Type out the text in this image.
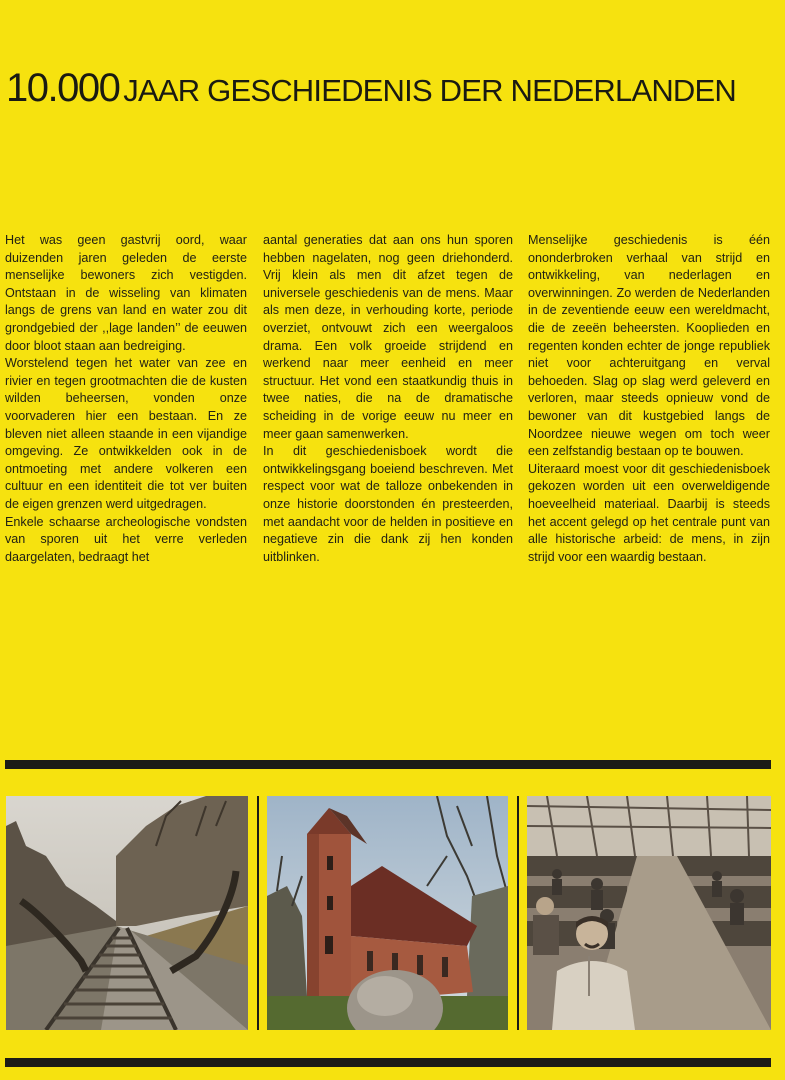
10.000 JAAR GESCHIEDENIS DER NEDERLANDEN

Het was geen gastvrij oord, waar duizenden jaren geleden de eerste menselijke bewoners zich vestigden. Ontstaan in de wisseling van klimaten langs de grens van land en water zou dit grondgebied der ,,lage landen’’ de eeuwen door bloot staan aan bedreiging.

Worstelend tegen het water van zee en rivier en tegen grootmachten die de kusten wilden beheersen, vonden onze voorvaderen hier een bestaan. En ze bleven niet alleen staande in een vijandige omgeving. Ze ontwikkelden ook in de ontmoeting met andere volkeren een cultuur en een identiteit die tot ver buiten de eigen grenzen werd uitgedragen.

Enkele schaarse archeologische vondsten van sporen uit het verre verleden daargelaten, bedraagt het

aantal generaties dat aan ons hun sporen hebben nagelaten, nog geen driehonderd. Vrij klein als men dit afzet tegen de universele geschiedenis van de mens. Maar als men deze, in verhouding korte, periode overziet, ontvouwt zich een weergaloos drama. Een volk groeide strijdend en werkend naar meer eenheid en meer structuur. Het vond een staatkundig thuis in twee naties, die na de dramatische scheiding in de vorige eeuw nu meer en meer gaan samenwerken.

In dit geschiedenisboek wordt die ontwikkelingsgang boeiend beschreven. Met respect voor wat de talloze onbekenden in onze historie doorstonden én presteerden, met aandacht voor de helden in positieve en negatieve zin die dank zij hen konden uitblinken.

Menselijke geschiedenis is één ononderbroken verhaal van strijd en ontwikkeling, van nederlagen en overwinningen. Zo werden de Nederlanden in de zeventiende eeuw een wereldmacht, die de zeeën beheersten. Kooplieden en regenten konden echter de jonge republiek niet voor achteruitgang en verval behoeden. Slag op slag werd geleverd en verloren, maar steeds opnieuw vond de bewoner van dit kustgebied langs de Noordzee nieuwe wegen om toch weer een zelfstandig bestaan op te bouwen.

Uiteraard moest voor dit geschiedenisboek gekozen worden uit een overweldigende hoeveelheid materiaal. Daarbij is steeds het accent gelegd op het centrale punt van alle historische arbeid: de mens, in zijn strijd voor een waardig bestaan.
